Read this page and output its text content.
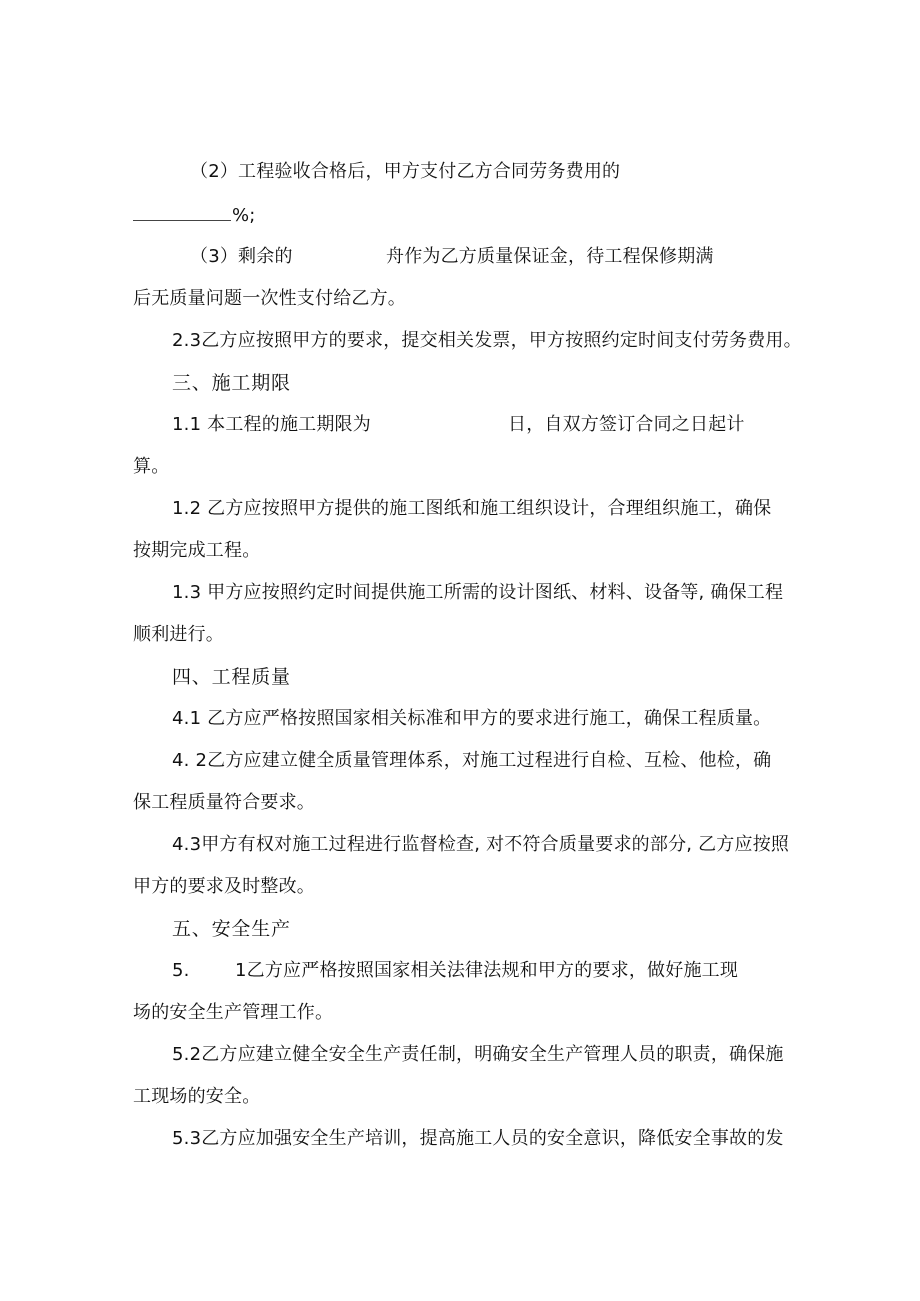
（2）工程验收合格后，甲方支付乙方合同劳务费用的
%;
（3）剩余的	舟作为乙方质量保证金，待工程保修期满
后无质量问题一次性支付给乙方。
2.3乙方应按照甲方的要求，提交相关发票，甲方按照约定时间支付劳务费用。
三、施工期限
1.1 本工程的施工期限为	日，自双方签订合同之日起计
算。
1.2 乙方应按照甲方提供的施工图纸和施工组织设计，合理组织施工，确保
按期完成工程。
1.3 甲方应按照约定时间提供施工所需的设计图纸、材料、设备等, 确保工程
顺利进行。
四、工程质量
4.1 乙方应严格按照国家相关标准和甲方的要求进行施工，确保工程质量。
4. 2乙方应建立健全质量管理体系，对施工过程进行自检、互检、他检，确
保工程质量符合要求。
4.3甲方有权对施工过程进行监督检查, 对不符合质量要求的部分, 乙方应按照
甲方的要求及时整改。
五、安全生产
5.	1乙方应严格按照国家相关法律法规和甲方的要求，做好施工现
场的安全生产管理工作。
5.2乙方应建立健全安全生产责任制，明确安全生产管理人员的职责，确保施
工现场的安全。
5.3乙方应加强安全生产培训，提高施工人员的安全意识，降低安全事故的发
